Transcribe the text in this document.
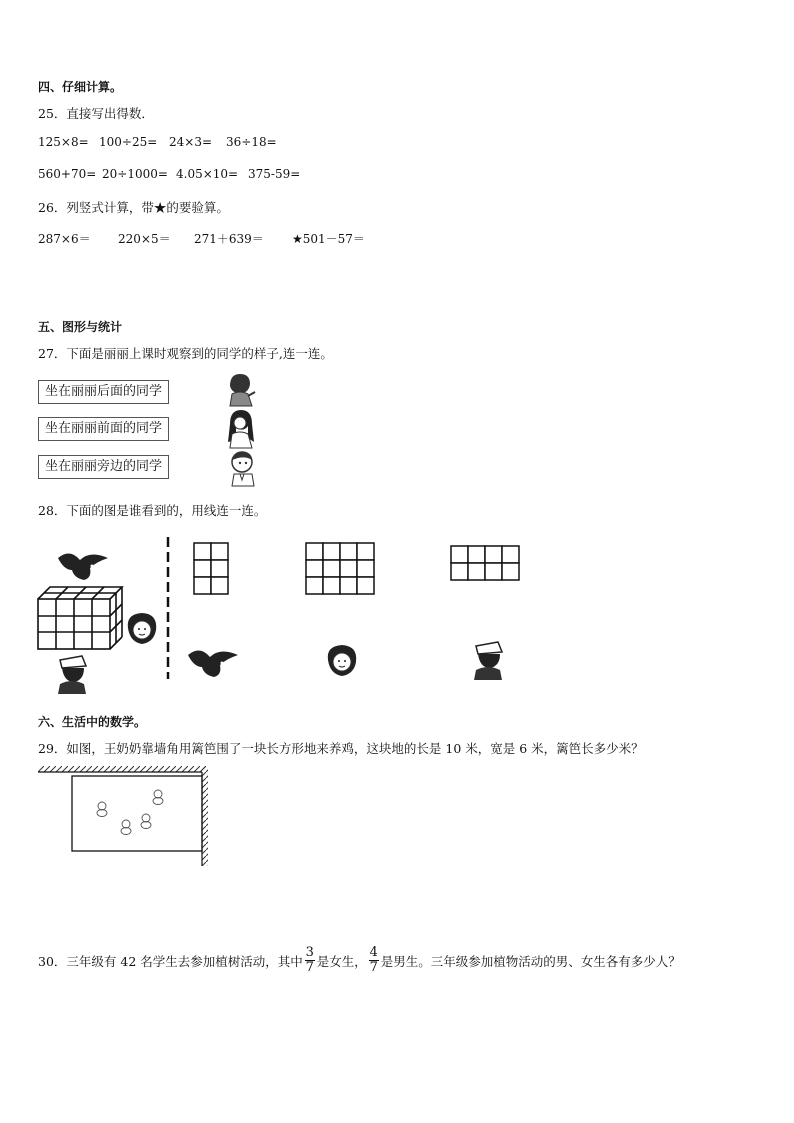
四、仔细计算。
25．直接写出得数．
125×8= 100÷25= 24×3=	36÷18=
560+70= 20÷1000= 4.05×10= 375-59=
26．列竖式计算，带★的要验算。
287×6＝	220×5＝	271＋639＝	★501－57＝
五、图形与统计
27．下面是丽丽上课时观察到的同学的样子,连一连。
坐在丽丽后面的同学
坐在丽丽前面的同学
坐在丽丽旁边的同学
28．下面的图是谁看到的，用线连一连。
六、生活中的数学。
29．如图，王奶奶靠墙角用篱笆围了一块长方形地来养鸡，这块地的长是 10 米，宽是 6 米，篱笆长多少米？
30．三年级有 42 名学生去参加植树活动，其中 $\frac{3}{7}$ 是女生， $\frac{4}{7}$ 是男生。三年级参加植物活动的男、女生各有多少人？
